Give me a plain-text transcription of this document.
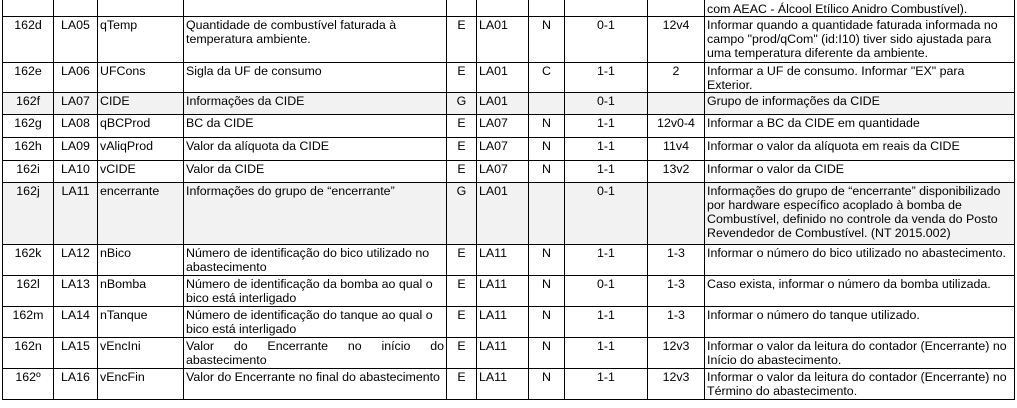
									com AEAC - Álcool Etílico Anidro Combustível).
162d	LA05	qTemp	Quantidade de combustível faturada à temperatura ambiente.	E	LA01	N	0-1	12v4	Informar quando a quantidade faturada informada no campo "prod/qCom" (id:I10) tiver sido ajustada para uma temperatura diferente da ambiente.
162e	LA06	UFCons	Sigla da UF de consumo	E	LA01	C	1-1	2	Informar a UF de consumo. Informar "EX" para Exterior.
162f	LA07	CIDE	Informações da CIDE	G	LA01		0-1		Grupo de informações da CIDE
162g	LA08	qBCProd	BC da CIDE	E	LA07	N	1-1	12v0-4	Informar a BC da CIDE em quantidade
162h	LA09	vAliqProd	Valor da alíquota da CIDE	E	LA07	N	1-1	11v4	Informar o valor da alíquota em reais da CIDE
162i	LA10	vCIDE	Valor da CIDE	E	LA07	N	1-1	13v2	Informar o valor da CIDE
162j	LA11	encerrante	Informações do grupo de “encerrante”	G	LA01		0-1		Informações do grupo de “encerrante” disponibilizado por hardware específico acoplado à bomba de Combustível, definido no controle da venda do Posto Revendedor de Combustível. (NT 2015.002)
162k	LA12	nBico	Número de identificação do bico utilizado no abastecimento	E	LA11	N	1-1	1-3	Informar o número do bico utilizado no abastecimento.
162l	LA13	nBomba	Número de identificação da bomba ao qual o bico está interligado	E	LA11	N	0-1	1-3	Caso exista, informar o número da bomba utilizada.
162m	LA14	nTanque	Número de identificação do tanque ao qual o bico está interligado	E	LA11	N	1-1	1-3	Informar o número do tanque utilizado.
162n	LA15	vEncIni	Valor do Encerrante no início do abastecimento	E	LA11	N	1-1	12v3	Informar o valor da leitura do contador (Encerrante) no Início do abastecimento.
162º	LA16	vEncFin	Valor do Encerrante no final do abastecimento	E	LA11	N	1-1	12v3	Informar o valor da leitura do contador (Encerrante) no Término do abastecimento.
